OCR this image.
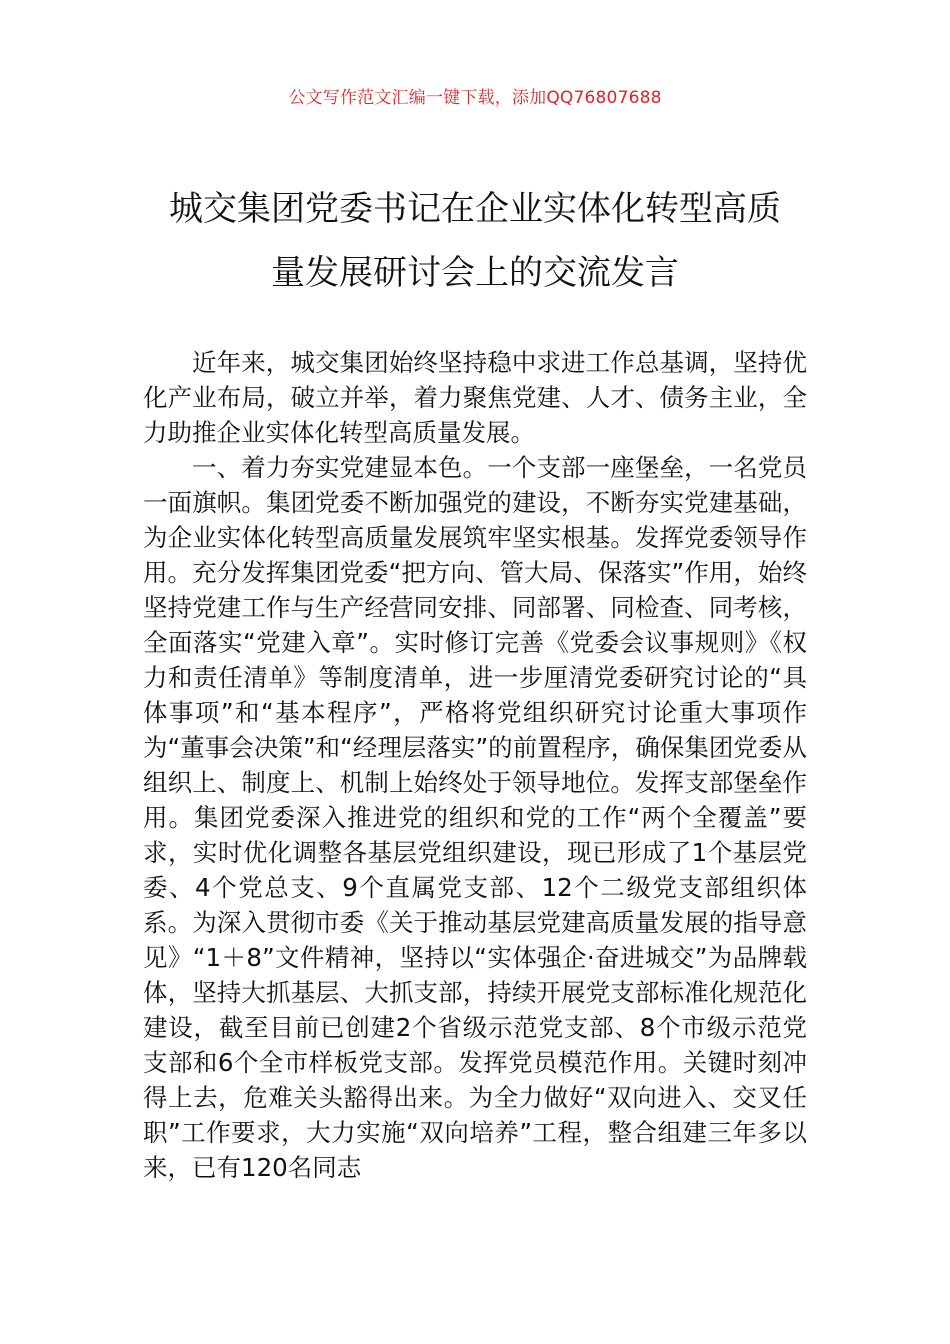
公文写作范文汇编一键下载，添加QQ76807688
城交集团党委书记在企业实体化转型高质
量发展研讨会上的交流发言

近年来，城交集团始终坚持稳中求进工作总基调，坚持优化产业布局，破立并举，着力聚焦党建、人才、债务主业，全力助推企业实体化转型高质量发展。

一、着力夯实党建显本色。一个支部一座堡垒，一名党员一面旗帜。集团党委不断加强党的建设，不断夯实党建基础，为企业实体化转型高质量发展筑牢坚实根基。发挥党委领导作用。充分发挥集团党委“把方向、管大局、保落实”作用，始终坚持党建工作与生产经营同安排、同部署、同检查、同考核，全面落实“党建入章”。实时修订完善《党委会议事规则》《权力和责任清单》等制度清单，进一步厘清党委研究讨论的“具体事项”和“基本程序”，严格将党组织研究讨论重大事项作为“董事会决策”和“经理层落实”的前置程序，确保集团党委从组织上、制度上、机制上始终处于领导地位。发挥支部堡垒作用。集团党委深入推进党的组织和党的工作“两个全覆盖”要求，实时优化调整各基层党组织建设，现已形成了1个基层党委、4个党总支、9个直属党支部、12个二级党支部组织体系。为深入贯彻市委《关于推动基层党建高质量发展的指导意见》“1＋8”文件精神，坚持以“实体强企·奋进城交”为品牌载体，坚持大抓基层、大抓支部，持续开展党支部标准化规范化建设，截至目前已创建2个省级示范党支部、8个市级示范党支部和6个全市样板党支部。发挥党员模范作用。关键时刻冲得上去，危难关头豁得出来。为全力做好“双向进入、交叉任职”工作要求，大力实施“双向培养”工程，整合组建三年多以来，已有120名同志
